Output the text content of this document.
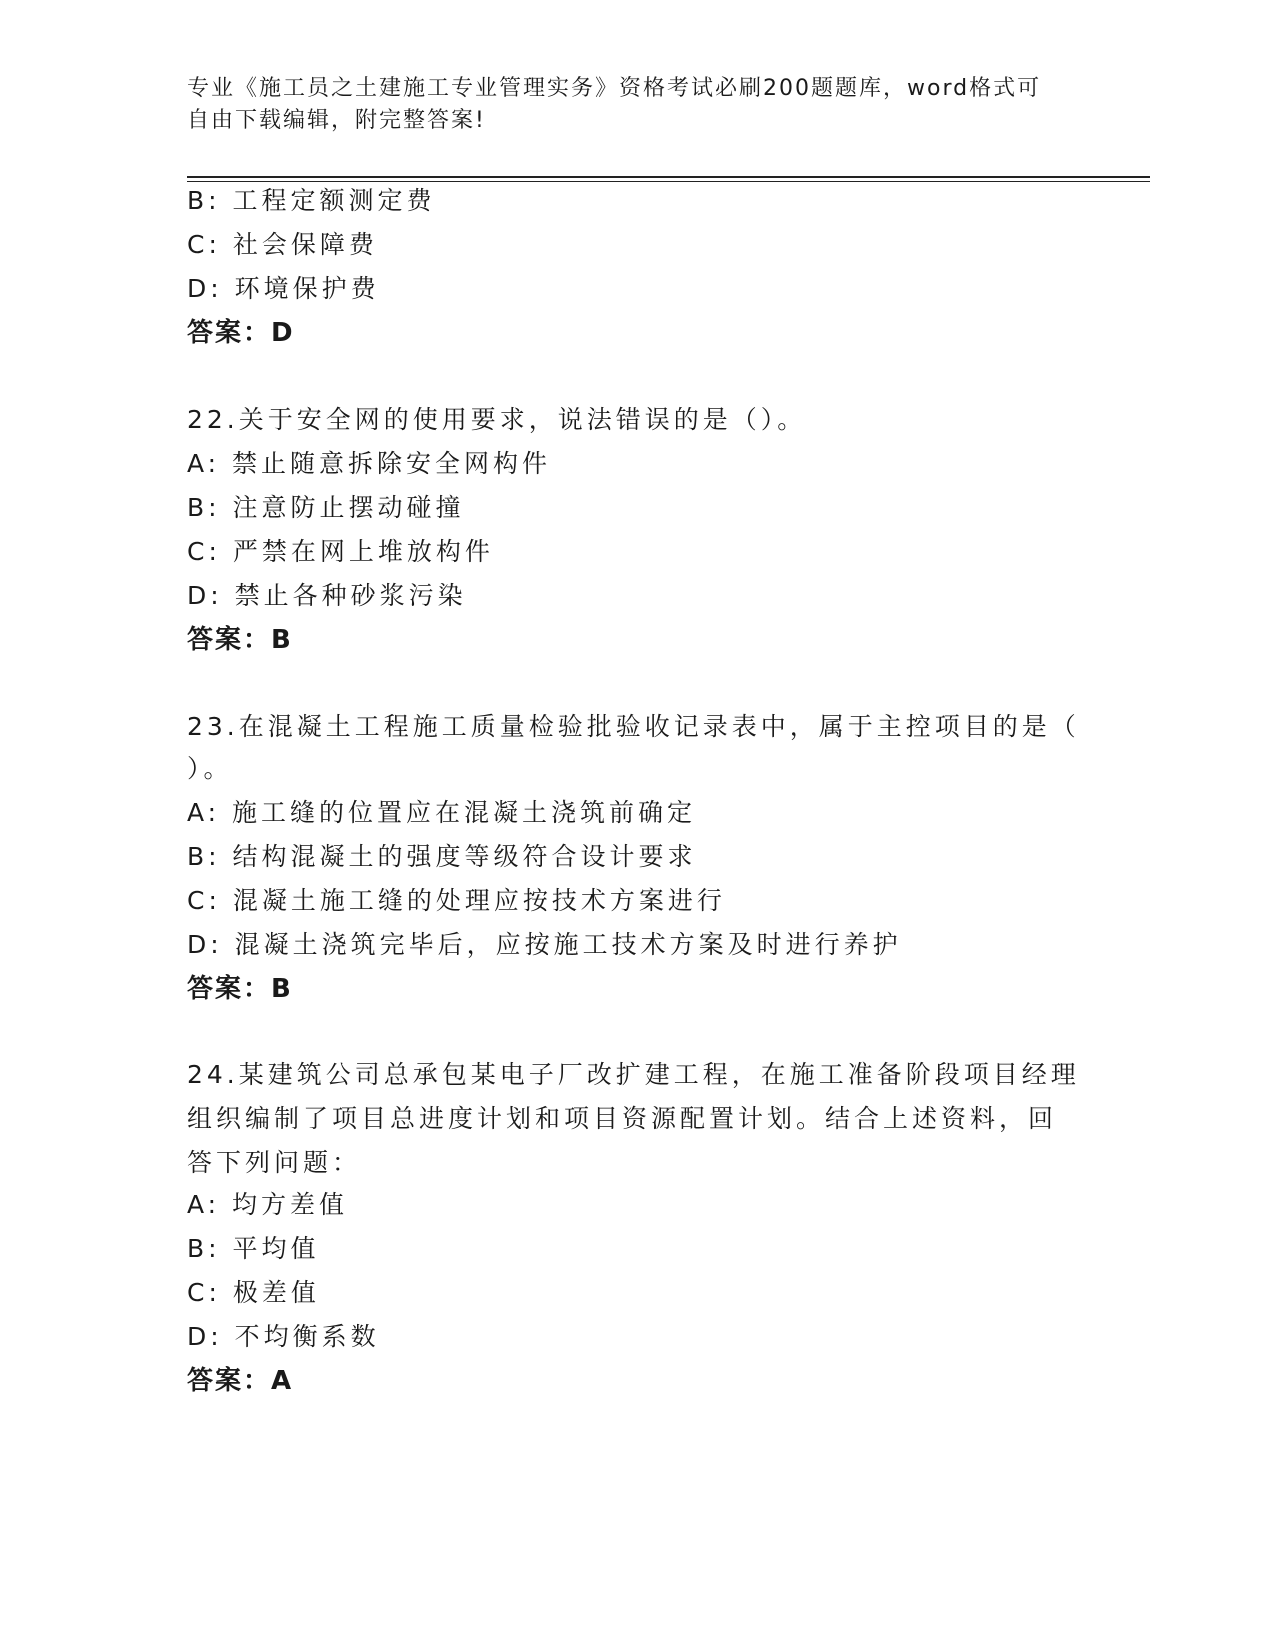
专业《施工员之土建施工专业管理实务》资格考试必刷200题题库，word格式可
自由下载编辑，附完整答案!
B: 工程定额测定费
C: 社会保障费
D: 环境保护费
答案：D
22.关于安全网的使用要求，说法错误的是（）。
A: 禁止随意拆除安全网构件
B: 注意防止摆动碰撞
C: 严禁在网上堆放构件
D: 禁止各种砂浆污染
答案：B
23.在混凝土工程施工质量检验批验收记录表中，属于主控项目的是（
）。
A: 施工缝的位置应在混凝土浇筑前确定
B: 结构混凝土的强度等级符合设计要求
C: 混凝土施工缝的处理应按技术方案进行
D: 混凝土浇筑完毕后，应按施工技术方案及时进行养护
答案：B
24.某建筑公司总承包某电子厂改扩建工程，在施工准备阶段项目经理
组织编制了项目总进度计划和项目资源配置计划。结合上述资料，回
答下列问题：
A: 均方差值
B: 平均值
C: 极差值
D: 不均衡系数
答案：A
